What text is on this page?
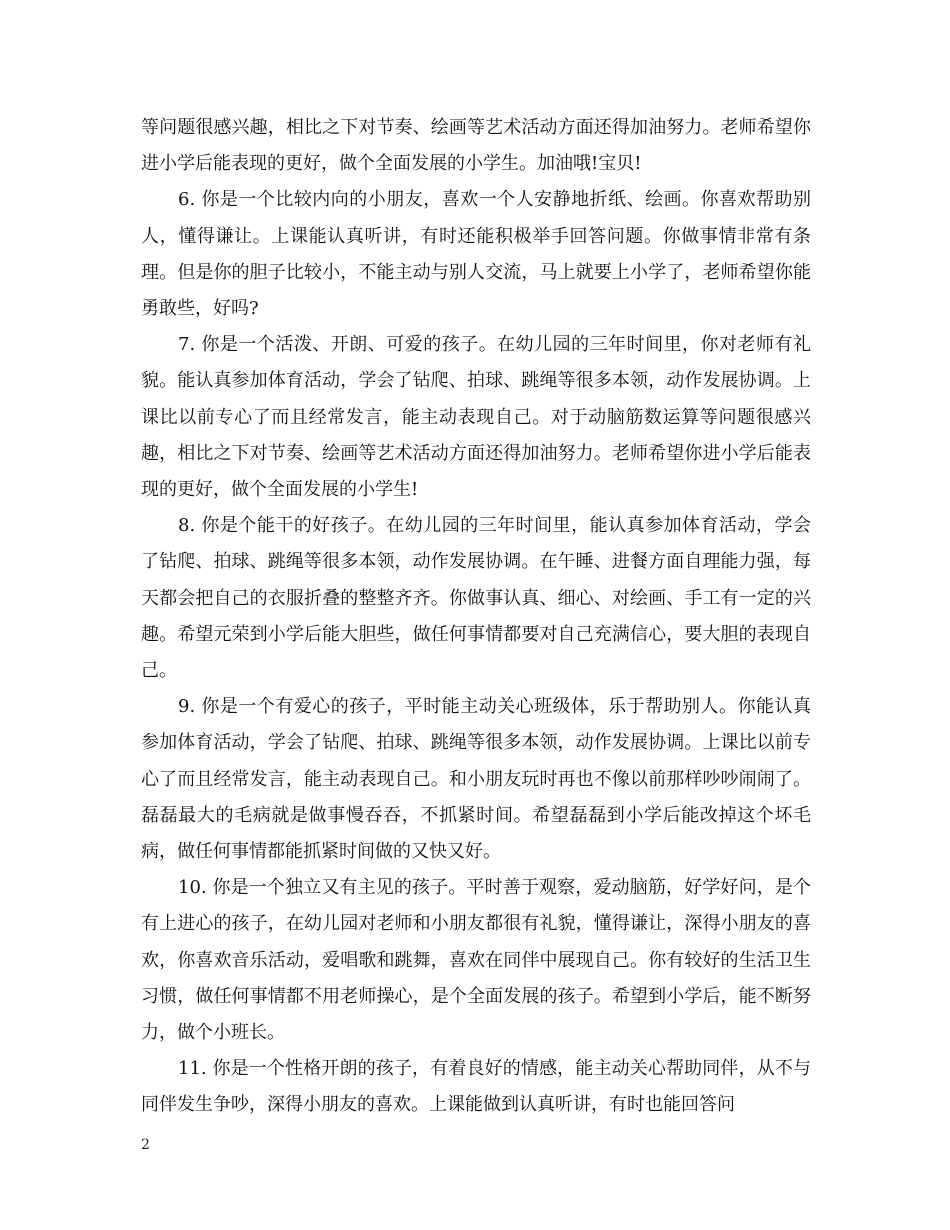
等问题很感兴趣，相比之下对节奏、绘画等艺术活动方面还得加油努力。老师希望你进小学后能表现的更好，做个全面发展的小学生。加油哦!宝贝!

6. 你是一个比较内向的小朋友，喜欢一个人安静地折纸、绘画。你喜欢帮助别人，懂得谦让。上课能认真听讲，有时还能积极举手回答问题。你做事情非常有条理。但是你的胆子比较小，不能主动与别人交流，马上就要上小学了，老师希望你能勇敢些，好吗?

7. 你是一个活泼、开朗、可爱的孩子。在幼儿园的三年时间里，你对老师有礼貌。能认真参加体育活动，学会了钻爬、拍球、跳绳等很多本领，动作发展协调。上课比以前专心了而且经常发言，能主动表现自己。对于动脑筋数运算等问题很感兴趣，相比之下对节奏、绘画等艺术活动方面还得加油努力。老师希望你进小学后能表现的更好，做个全面发展的小学生!

8. 你是个能干的好孩子。在幼儿园的三年时间里，能认真参加体育活动，学会了钻爬、拍球、跳绳等很多本领，动作发展协调。在午睡、进餐方面自理能力强，每天都会把自己的衣服折叠的整整齐齐。你做事认真、细心、对绘画、手工有一定的兴趣。希望元荣到小学后能大胆些，做任何事情都要对自己充满信心，要大胆的表现自己。

9. 你是一个有爱心的孩子，平时能主动关心班级体，乐于帮助别人。你能认真参加体育活动，学会了钻爬、拍球、跳绳等很多本领，动作发展协调。上课比以前专心了而且经常发言，能主动表现自己。和小朋友玩时再也不像以前那样吵吵闹闹了。磊磊最大的毛病就是做事慢吞吞，不抓紧时间。希望磊磊到小学后能改掉这个坏毛病，做任何事情都能抓紧时间做的又快又好。

10. 你是一个独立又有主见的孩子。平时善于观察，爱动脑筋，好学好问，是个有上进心的孩子，在幼儿园对老师和小朋友都很有礼貌，懂得谦让，深得小朋友的喜欢，你喜欢音乐活动，爱唱歌和跳舞，喜欢在同伴中展现自己。你有较好的生活卫生习惯，做任何事情都不用老师操心，是个全面发展的孩子。希望到小学后，能不断努力，做个小班长。

11. 你是一个性格开朗的孩子，有着良好的情感，能主动关心帮助同伴，从不与同伴发生争吵，深得小朋友的喜欢。上课能做到认真听讲，有时也能回答问

2
